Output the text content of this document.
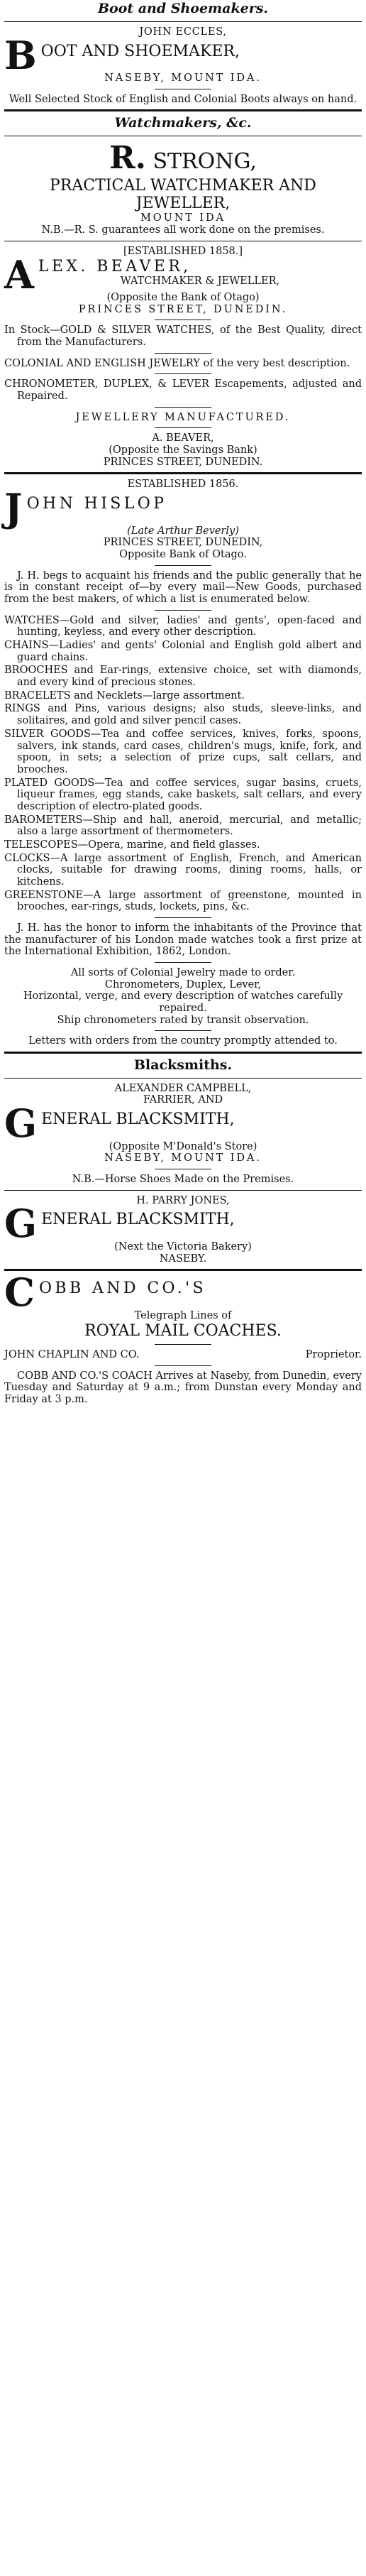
Boot and Shoemakers.
JOHN ECCLES,
B OOT AND SHOEMAKER,
NASEBY, MOUNT IDA.
Well Selected Stock of English and Colonial Boots always on hand.
Watchmakers, &c.
R. STRONG,
PRACTICAL WATCHMAKER AND
JEWELLER,
MOUNT IDA
N.B.—R. S. guarantees all work done on the premises.
[ESTABLISHED 1858.]
A LEX. BEAVER,
WATCHMAKER & JEWELLER,
(Opposite the Bank of Otago)
PRINCES STREET, DUNEDIN.
In Stock—GOLD & SILVER WATCHES, of the Best Quality, direct from the Manufacturers.
COLONIAL AND ENGLISH JEWELRY of the very best description.
CHRONOMETER, DUPLEX, & LEVER Escapements, adjusted and Repaired.
JEWELLERY MANUFACTURED.
A. BEAVER,
(Opposite the Savings Bank)
PRINCES STREET, DUNEDIN.
ESTABLISHED 1856.
J OHN HISLOP
(Late Arthur Beverly)
PRINCES STREET, DUNEDIN,
Opposite Bank of Otago.
J. H. begs to acquaint his friends and the public generally that he is in constant receipt of—by every mail—New Goods, purchased from the best makers, of which a list is enumerated below.
WATCHES—Gold and silver, ladies' and gents', open-faced and hunting, keyless, and every other description.
CHAINS—Ladies' and gents' Colonial and English gold albert and guard chains.
BROOCHES and Ear-rings, extensive choice, set with diamonds, and every kind of precious stones.
BRACELETS and Necklets—large assortment.
RINGS and Pins, various designs; also studs, sleeve-links, and solitaires, and gold and silver pencil cases.
SILVER GOODS—Tea and coffee services, knives, forks, spoons, salvers, ink stands, card cases, children's mugs, knife, fork, and spoon, in sets; a selection of prize cups, salt cellars, and brooches.
PLATED GOODS—Tea and coffee services, sugar basins, cruets, liqueur frames, egg stands, cake baskets, salt cellars, and every description of electro-plated goods.
BAROMETERS—Ship and hall, aneroid, mercurial, and metallic; also a large assortment of thermometers.
TELESCOPES—Opera, marine, and field glasses.
CLOCKS—A large assortment of English, French, and American clocks, suitable for drawing rooms, dining rooms, halls, or kitchens.
GREENSTONE—A large assortment of greenstone, mounted in brooches, ear-rings, studs, lockets, pins, &c.
J. H. has the honor to inform the inhabitants of the Province that the manufacturer of his London made watches took a first prize at the International Exhibition, 1862, London.
All sorts of Colonial Jewelry made to order.
Chronometers, Duplex, Lever,
Horizontal, verge, and every description of watches carefully repaired.
Ship chronometers rated by transit observation.
Letters with orders from the country promptly attended to.
Blacksmiths.
ALEXANDER CAMPBELL,
FARRIER, AND
G ENERAL BLACKSMITH,
(Opposite M'Donald's Store)
NASEBY, MOUNT IDA.
N.B.—Horse Shoes Made on the Premises.
H. PARRY JONES,
G ENERAL BLACKSMITH,
(Next the Victoria Bakery)
NASEBY.
C OBB AND CO.'S
Telegraph Lines of
ROYAL MAIL COACHES.
JOHN CHAPLIN AND CO.	Proprietor.
COBB AND CO.'S COACH Arrives at Naseby, from Dunedin, every Tuesday and Saturday at 9 a.m.; from Dunstan every Monday and Friday at 3 p.m.
